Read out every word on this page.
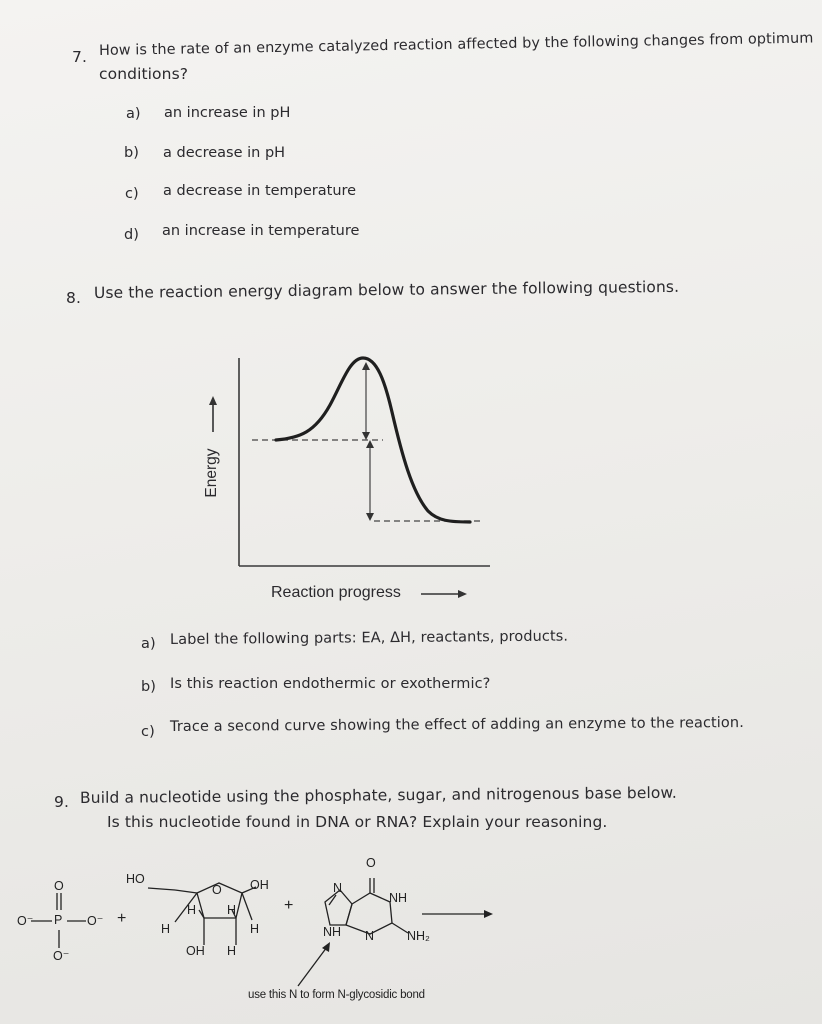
7. How is the rate of an enzyme catalyzed reaction affected by the following changes from optimum
conditions?
a) an increase in pH
b) a decrease in pH
c) a decrease in temperature
d) an increase in temperature
8. Use the reaction energy diagram below to answer the following questions.
Energy
Reaction progress
a) Label the following parts: EA, ΔH, reactants, products.
b) Is this reaction endothermic or exothermic?
c) Trace a second curve showing the effect of adding an enzyme to the reaction.
9. Build a nucleotide using the phosphate, sugar, and nitrogenous base below.
Is this nucleotide found in DNA or RNA? Explain your reasoning.
O
O⁻ P O⁻
O⁻
+
HO
O OH
H H
H	H
OH H
+
O
N
NH
NH N	NH₂
use this N to form N-glycosidic bond
